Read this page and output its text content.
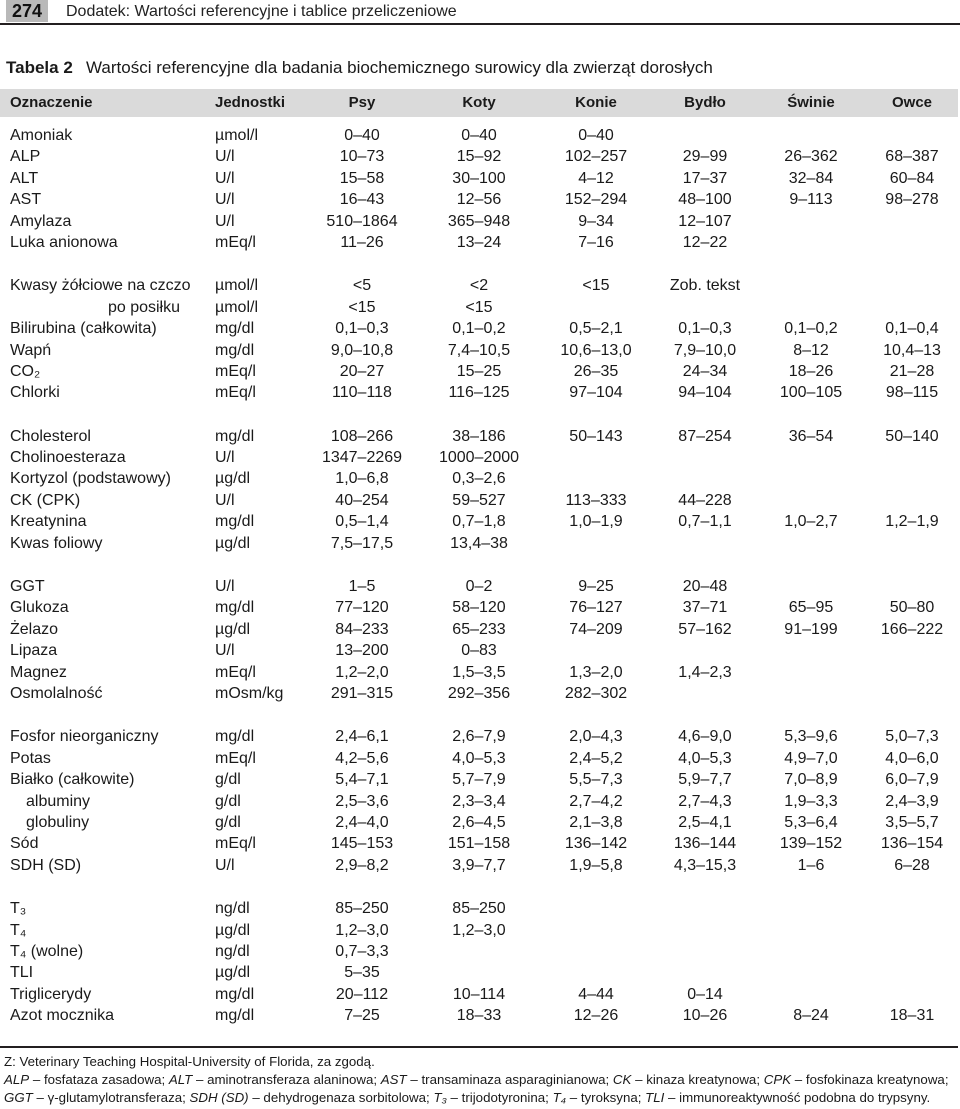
274	Dodatek: Wartości referencyjne i tablice przeliczeniowe
Tabela 2 Wartości referencyjne dla badania biochemicznego surowicy dla zwierząt dorosłych
Oznaczenie	Jednostki	Psy	Koty	Konie	Bydło	Świnie	Owce
Amoniak	µmol/l	0–40	0–40	0–40
ALP	U/l	10–73	15–92	102–257	29–99	26–362	68–387
ALT	U/l	15–58	30–100	4–12	17–37	32–84	60–84
AST	U/l	16–43	12–56	152–294	48–100	9–113	98–278
Amylaza	U/l	510–1864	365–948	9–34	12–107
Luka anionowa	mEq/l	11–26	13–24	7–16	12–22
Kwasy żółciowe na czczo µmol/l	<5	<2	<15	Zob. tekst
po posiłku µmol/l	<15	<15
Bilirubina (całkowita)	mg/dl	0,1–0,3	0,1–0,2	0,5–2,1	0,1–0,3	0,1–0,2	0,1–0,4
Wapń	mg/dl	9,0–10,8	7,4–10,5	10,6–13,0	7,9–10,0	8–12	10,4–13
CO₂	mEq/l	20–27	15–25	26–35	24–34	18–26	21–28
Chlorki	mEq/l	110–118	116–125	97–104	94–104	100–105	98–115
Cholesterol	mg/dl	108–266	38–186	50–143	87–254	36–54	50–140
Cholinoesteraza	U/l	1347–2269	1000–2000
Kortyzol (podstawowy)	µg/dl	1,0–6,8	0,3–2,6
CK (CPK)	U/l	40–254	59–527	113–333	44–228
Kreatynina	mg/dl	0,5–1,4	0,7–1,8	1,0–1,9	0,7–1,1	1,0–2,7	1,2–1,9
Kwas foliowy	µg/dl	7,5–17,5	13,4–38
GGT	U/l	1–5	0–2	9–25	20–48
Glukoza	mg/dl	77–120	58–120	76–127	37–71	65–95	50–80
Żelazo	µg/dl	84–233	65–233	74–209	57–162	91–199	166–222
Lipaza	U/l	13–200	0–83
Magnez	mEq/l	1,2–2,0	1,5–3,5	1,3–2,0	1,4–2,3
Osmolalność	mOsm/kg	291–315	292–356	282–302
Fosfor nieorganiczny	mg/dl	2,4–6,1	2,6–7,9	2,0–4,3	4,6–9,0	5,3–9,6	5,0–7,3
Potas	mEq/l	4,2–5,6	4,0–5,3	2,4–5,2	4,0–5,3	4,9–7,0	4,0–6,0
Białko (całkowite)	g/dl	5,4–7,1	5,7–7,9	5,5–7,3	5,9–7,7	7,0–8,9	6,0–7,9
albuminy	g/dl	2,5–3,6	2,3–3,4	2,7–4,2	2,7–4,3	1,9–3,3	2,4–3,9
globuliny	g/dl	2,4–4,0	2,6–4,5	2,1–3,8	2,5–4,1	5,3–6,4	3,5–5,7
Sód	mEq/l	145–153	151–158	136–142	136–144	139–152	136–154
SDH (SD)	U/l	2,9–8,2	3,9–7,7	1,9–5,8	4,3–15,3	1–6	6–28
T₃	ng/dl	85–250	85–250
T₄	µg/dl	1,2–3,0	1,2–3,0
T₄ (wolne)	ng/dl	0,7–3,3
TLI	µg/dl	5–35
Triglicerydy	mg/dl	20–112	10–114	4–44	0–14
Azot mocznika	mg/dl	7–25	18–33	12–26	10–26	8–24	18–31
Z: Veterinary Teaching Hospital-University of Florida, za zgodą.
ALP – fosfataza zasadowa; ALT – aminotransferaza alaninowa; AST – transaminaza asparaginianowa; CK – kinaza kreatynowa; CPK – fosfokinaza kreatynowa;
GGT – γ-glutamylotransferaza; SDH (SD) – dehydrogenaza sorbitolowa; T₃ – trijodotyronina; T₄ – tyroksyna; TLI – immunoreaktywność podobna do trypsyny.
